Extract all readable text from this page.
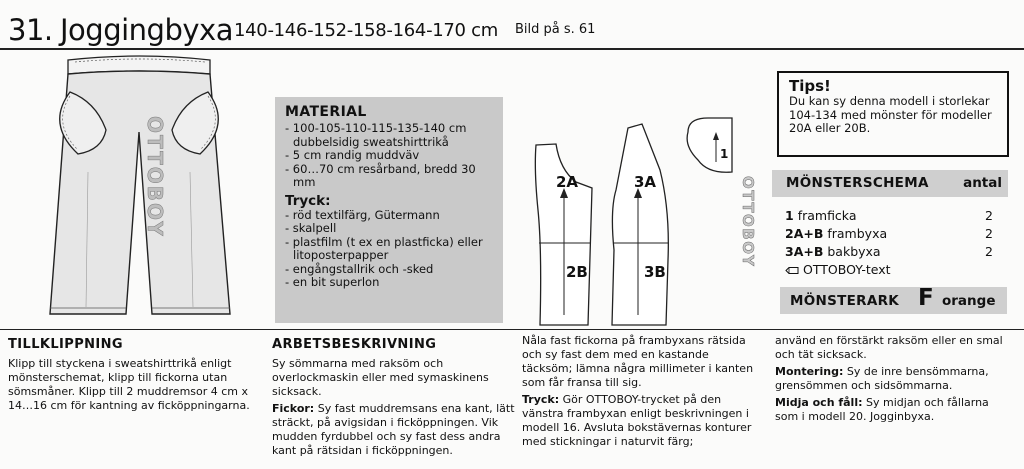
31. Joggingbyxa 140-146-152-158-164-170 cm Bild på s. 61
OTTOBOY
MATERIAL
- 100-105-110-115-135-140 cm dubbelsidig sweatshirttrikå
- 5 cm randig muddväv
- 60…70 cm resårband, bredd 30 mm
Tryck:
- röd textilfärg, Gütermann
- skalpell
- plastfilm (t ex en plastficka) eller litoposterpapper
- engångstallrik och -sked
- en bit superlon
2A
2B
3A
3B
1
OTTOBOY
Tips!
Du kan sy denna modell i storlekar 104-134 med mönster för modeller 20A eller 20B.
MÖNSTERSCHEMA	antal
1 framficka	2
2A+B frambyxa	2
3A+B bakbyxa	2
OTTOBOY-text
MÖNSTERARK F orange
TILLKLIPPNING

Klipp till styckena i sweatshirttrikå enligt mönsterschemat, klipp till fickorna utan sömsmåner. Klipp till 2 muddremsor 4 cm x 14…16 cm för kantning av ficköppningarna.

ARBETSBESKRIVNING

Sy sömmarna med raksöm och overlockmaskin eller med symaskinens sicksack.

Fickor: Sy fast muddremsans ena kant, lätt sträckt, på avigsidan i ficköppningen. Vik mudden fyrdubbel och sy fast dess andra kant på rätsidan i ficköppningen.

Nåla fast fickorna på frambyxans rätsida och sy fast dem med en kastande täcksöm; lämna några millimeter i kanten som får fransa till sig.

Tryck: Gör OTTOBOY-trycket på den vänstra frambyxan enligt beskrivningen i modell 16. Avsluta bokstävernas konturer med stickningar i naturvit färg;

använd en förstärkt raksöm eller en smal och tät sicksack.

Montering: Sy de inre bensömmarna, grensömmen och sidsömmarna.

Midja och fåll: Sy midjan och fållarna som i modell 20. Jogginbyxa.
